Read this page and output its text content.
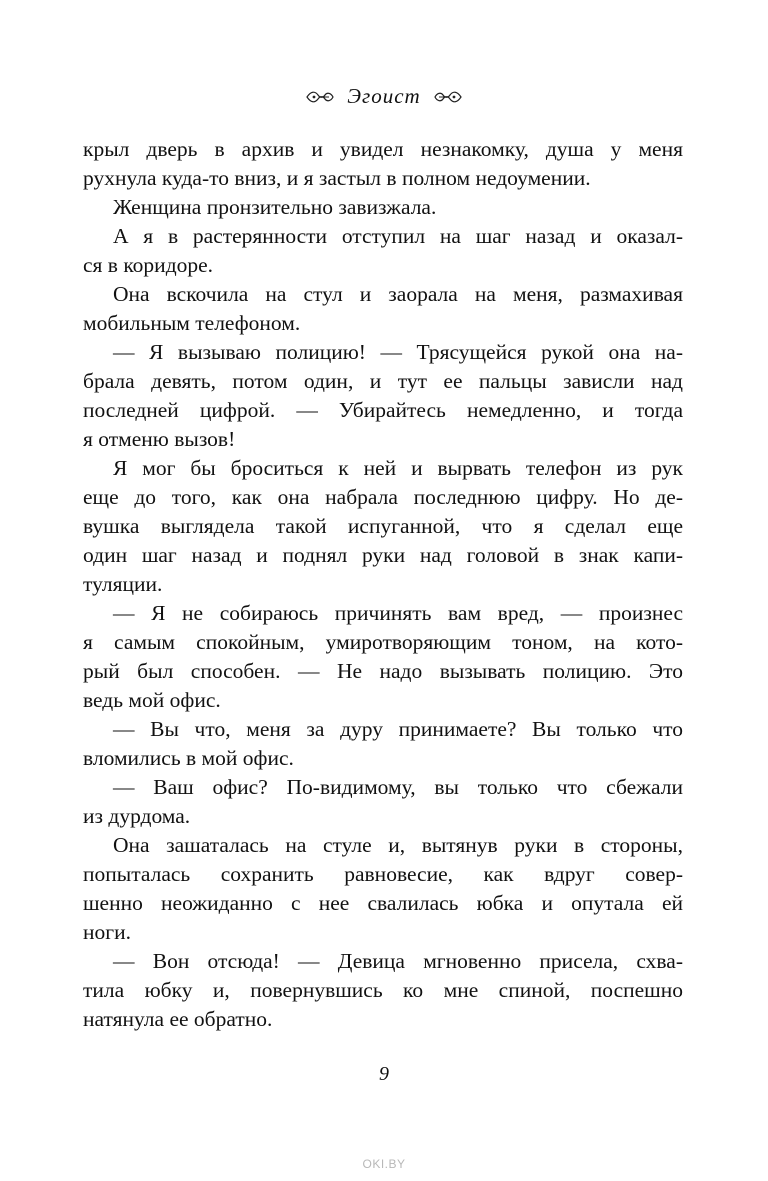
Эгоист
крыл дверь в архив и увидел незнакомку, душа у меня
рухнула куда-то вниз, и я застыл в полном недоумении.
Женщина пронзительно завизжала.
А я в растерянности отступил на шаг назад и оказал-
ся в коридоре.
Она вскочила на стул и заорала на меня, размахивая
мобильным телефоном.
— Я вызываю полицию! — Трясущейся рукой она на-
брала девять, потом один, и тут ее пальцы зависли над
последней цифрой. — Убирайтесь немедленно, и тогда
я отменю вызов!
Я мог бы броситься к ней и вырвать телефон из рук
еще до того, как она набрала последнюю цифру. Но де-
вушка выглядела такой испуганной, что я сделал еще
один шаг назад и поднял руки над головой в знак капи-
туляции.
— Я не собираюсь причинять вам вред, — произнес
я самым спокойным, умиротворяющим тоном, на кото-
рый был способен. — Не надо вызывать полицию. Это
ведь мой офис.
— Вы что, меня за дуру принимаете? Вы только что
вломились в мой офис.
— Ваш офис? По-видимому, вы только что сбежали
из дурдома.
Она зашаталась на стуле и, вытянув руки в стороны,
попыталась сохранить равновесие, как вдруг совер-
шенно неожиданно с нее свалилась юбка и опутала ей
ноги.
— Вон отсюда! — Девица мгновенно присела, схва-
тила юбку и, повернувшись ко мне спиной, поспешно
натянула ее обратно.
9
OKI.BY
